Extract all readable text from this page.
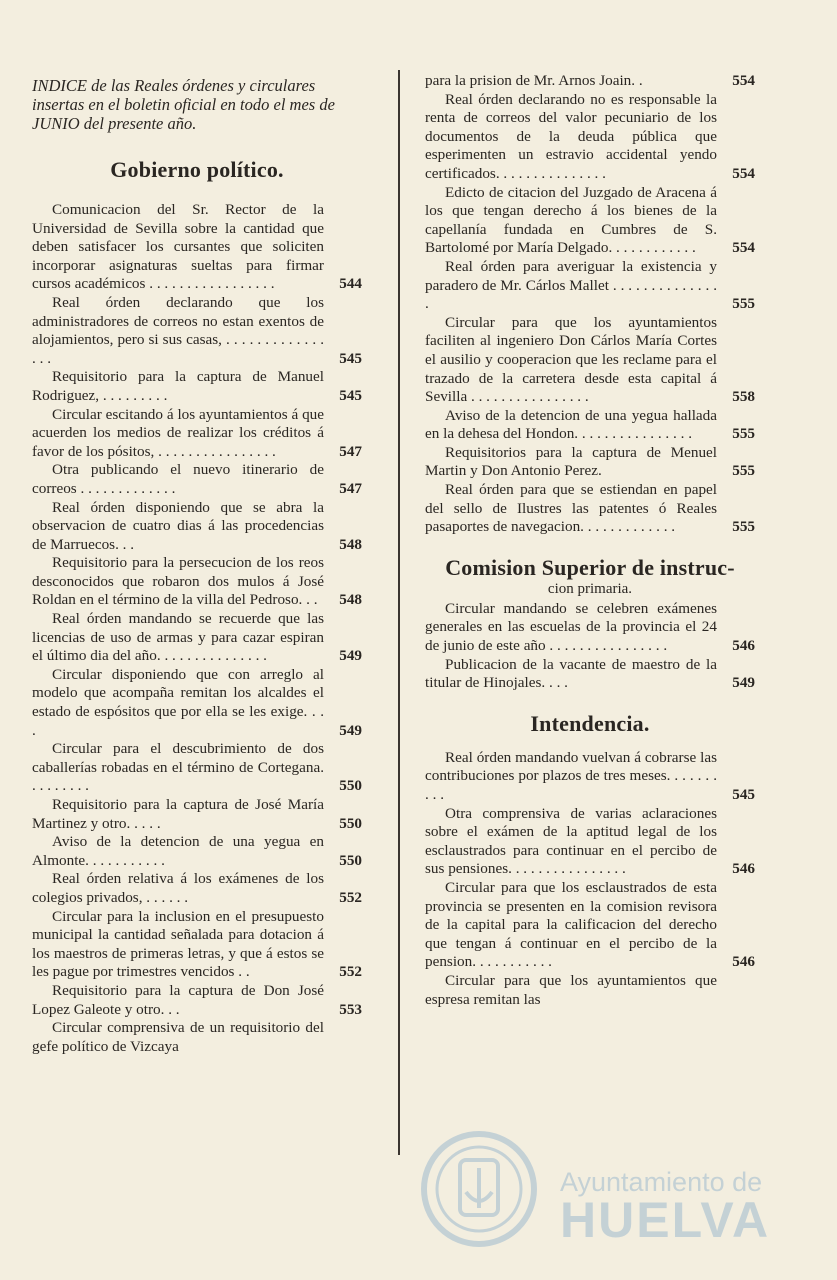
INDICE de las Reales órdenes y circulares insertas en el boletin oficial en todo el mes de JUNIO del presente año.

Gobierno político.
Comunicacion del Sr. Rector de la Universidad de Sevilla sobre la cantidad que deben satisfacer los cursantes que soliciten incorporar asignaturas sueltas para firmar cursos académicos . . . . . . . . . . . . . . . . .	544
Real órden declarando que los administradores de correos no estan exentos de alojamientos, pero si sus casas, . . . . . . . . . . . . . . . .	545
Requisitorio para la captura de Manuel Rodriguez, . . . . . . . . .	545
Circular escitando á los ayuntamientos á que acuerden los medios de realizar los créditos á favor de los pósitos, . . . . . . . . . . . . . . . .	547
Otra publicando el nuevo itinerario de correos . . . . . . . . . . . . .	547
Real órden disponiendo que se abra la observacion de cuatro dias á las procedencias de Marruecos. . .	548
Requisitorio para la persecucion de los reos desconocidos que robaron dos mulos á José Roldan en el término de la villa del Pedroso. . .	548
Real órden mandando se recuerde que las licencias de uso de armas y para cazar espiran el último dia del año. . . . . . . . . . . . . . .	549
Circular disponiendo que con arreglo al modelo que acompaña remitan los alcaldes el estado de espósitos que por ella se les exige. . . .	549
Circular para el descubrimiento de dos caballerías robadas en el término de Cortegana. . . . . . . . .	550
Requisitorio para la captura de José María Martinez y otro. . . . .	550
Aviso de la detencion de una yegua en Almonte. . . . . . . . . . .	550
Real órden relativa á los exámenes de los colegios privados, . . . . . .	552
Circular para la inclusion en el presupuesto municipal la cantidad señalada para dotacion á los maestros de primeras letras, y que á estos se les pague por trimestres vencidos . .	552
Requisitorio para la captura de Don José Lopez Galeote y otro. . .	553
Circular comprensiva de un requisitorio del gefe político de Vizcaya
para la prision de Mr. Arnos Joain. .	554
Real órden declarando no es responsable la renta de correos del valor pecuniario de los documentos de la deuda pública que esperimenten un estravio accidental yendo certificados. . . . . . . . . . . . . . .	554
Edicto de citacion del Juzgado de Aracena á los que tengan derecho á los bienes de la capellanía fundada en Cumbres de S. Bartolomé por María Delgado. . . . . . . . . . . .	554
Real órden para averiguar la existencia y paradero de Mr. Cárlos Mallet . . . . . . . . . . . . . . .	555
Circular para que los ayuntamientos faciliten al ingeniero Don Cárlos María Cortes el ausilio y cooperacion que les reclame para el trazado de la carretera desde esta capital á Sevilla . . . . . . . . . . . . . . . .	558
Aviso de la detencion de una yegua hallada en la dehesa del Hondon. . . . . . . . . . . . . . . .	555
Requisitorios para la captura de Menuel Martin y Don Antonio Perez.	555
Real órden para que se estiendan en papel del sello de Ilustres las patentes ó Reales pasaportes de navegacion. . . . . . . . . . . . .	555
Comision Superior de instruc-

cion primaria.

Circular mandando se celebren exámenes generales en las escuelas de la provincia el 24 de junio de este año . . . . . . . . . . . . . . . .	546
Publicacion de la vacante de maestro de la titular de Hinojales. . . .	549
Intendencia.
Real órden mandando vuelvan á cobrarse las contribuciones por plazos de tres meses. . . . . . . . . .	545
Otra comprensiva de varias aclaraciones sobre el exámen de la aptitud legal de los esclaustrados para continuar en el percibo de sus pensiones. . . . . . . . . . . . . . . .	546
Circular para que los esclaustrados de esta provincia se presenten en la comision revisora de la capital para la calificacion del derecho que tengan á continuar en el percibo de la pension. . . . . . . . . . .	546
Circular para que los ayuntamientos que espresa remitan las
Ayuntamiento de
HUELVA
